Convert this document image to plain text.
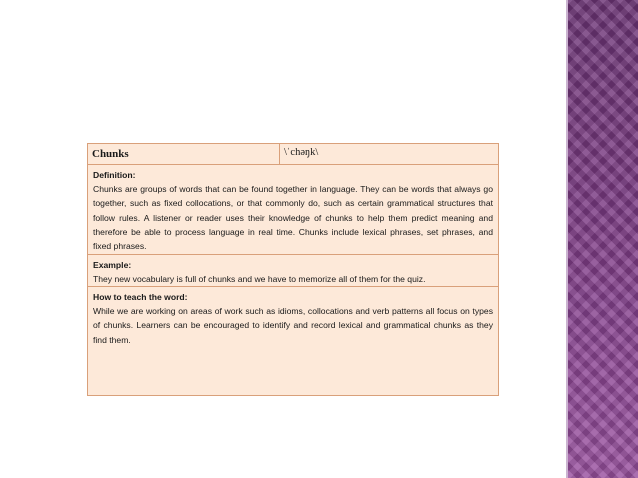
Chunks	\ˈchəŋk\
Definition:
Chunks are groups of words that can be found together in language. They can be words that always go together, such as fixed collocations, or that commonly do, such as certain grammatical structures that follow rules. A listener or reader uses their knowledge of chunks to help them predict meaning and therefore be able to process language in real time. Chunks include lexical phrases, set phrases, and fixed phrases.
Example:
They new vocabulary is full of chunks and we have to memorize all of them for the quiz.
How to teach the word:
While we are working on areas of work such as idioms, collocations and verb patterns all focus on types of chunks. Learners can be encouraged to identify and record lexical and grammatical chunks as they find them.
